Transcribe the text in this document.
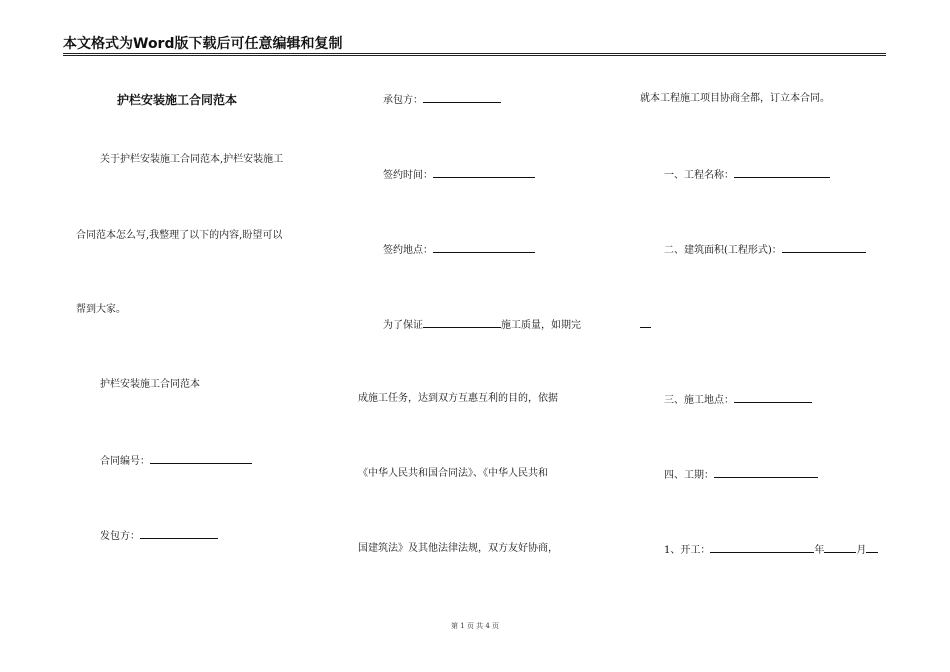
本文格式为Word版下载后可任意编辑和复制
护栏安装施工合同范本
关于护栏安装施工合同范本,护栏安装施工
合同范本怎么写,我整理了以下的内容,盼望可以
帮到大家。
护栏安装施工合同范本
合同编号：
发包方：
承包方：
签约时间：
签约地点：
为了保证	施工质量，如期完
成施工任务，达到双方互惠互利的目的，依据
《中华人民共和国合同法》、《中华人民共和
国建筑法》及其他法律法规，双方友好协商，
就本工程施工项目协商全都，订立本合同。
一、工程名称：
二、建筑面积(工程形式)：
三、施工地点：
四、工期：
1、开工：	年	月
第 1 页 共 4 页
